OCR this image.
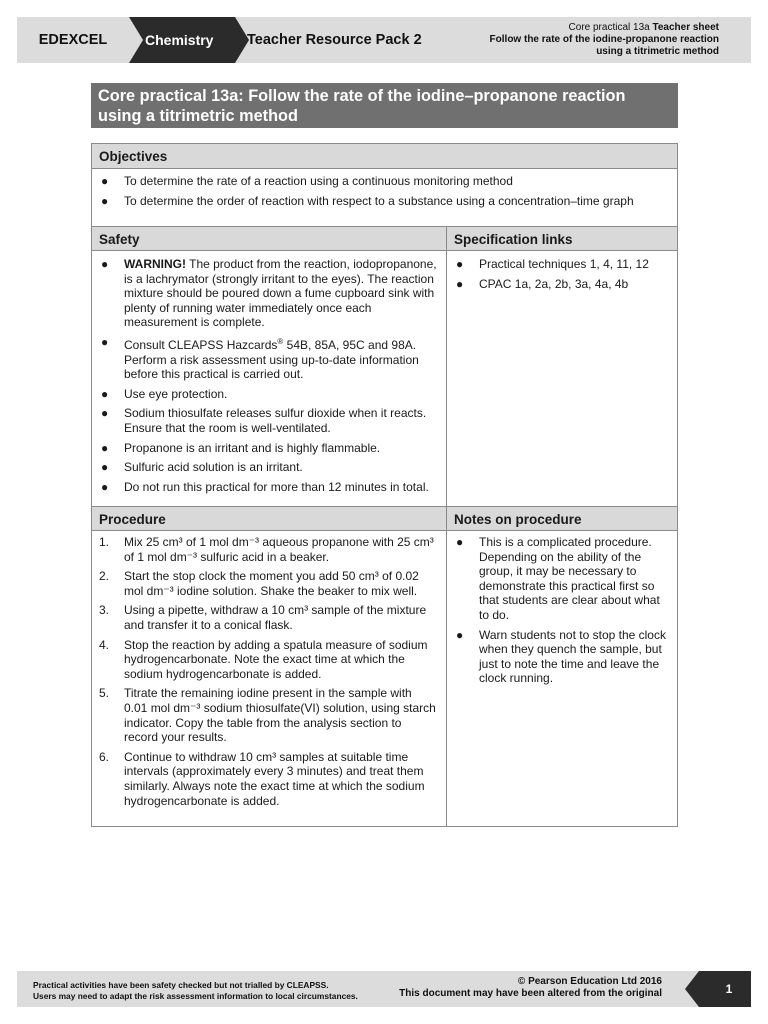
EDEXCEL	Chemistry Teacher Resource Pack 2
Core practical 13a Teacher sheet
Follow the rate of the iodine-propanone reaction
using a titrimetric method
Core practical 13a: Follow the rate of the iodine–propanone reaction using a titrimetric method
Objectives
● To determine the rate of a reaction using a continuous monitoring method
● To determine the order of reaction with respect to a substance using a concentration–time graph
Safety
● WARNING! The product from the reaction, iodopropanone, is a lachrymator (strongly irritant to the eyes). The reaction mixture should be poured down a fume cupboard sink with plenty of running water immediately once each measurement is complete.
● Consult CLEAPSS Hazcards® 54B, 85A, 95C and 98A. Perform a risk assessment using up-to-date information before this practical is carried out.
● Use eye protection.
● Sodium thiosulfate releases sulfur dioxide when it reacts. Ensure that the room is well-ventilated.
● Propanone is an irritant and is highly flammable.
● Sulfuric acid solution is an irritant.
● Do not run this practical for more than 12 minutes in total.
Specification links
● Practical techniques 1, 4, 11, 12
● CPAC 1a, 2a, 2b, 3a, 4a, 4b
Procedure
1. Mix 25 cm³ of 1 mol dm⁻³ aqueous propanone with 25 cm³ of 1 mol dm⁻³ sulfuric acid in a beaker.
2. Start the stop clock the moment you add 50 cm³ of 0.02 mol dm⁻³ iodine solution. Shake the beaker to mix well.
3. Using a pipette, withdraw a 10 cm³ sample of the mixture and transfer it to a conical flask.
4. Stop the reaction by adding a spatula measure of sodium hydrogencarbonate. Note the exact time at which the sodium hydrogencarbonate is added.
5. Titrate the remaining iodine present in the sample with 0.01 mol dm⁻³ sodium thiosulfate(VI) solution, using starch indicator. Copy the table from the analysis section to record your results.
6. Continue to withdraw 10 cm³ samples at suitable time intervals (approximately every 3 minutes) and treat them similarly. Always note the exact time at which the sodium hydrogencarbonate is added.
Notes on procedure
● This is a complicated procedure. Depending on the ability of the group, it may be necessary to demonstrate this practical first so that students are clear about what to do.
● Warn students not to stop the clock when they quench the sample, but just to note the time and leave the clock running.
Practical activities have been safety checked but not trialled by CLEAPSS.
Users may need to adapt the risk assessment information to local circumstances.
© Pearson Education Ltd 2016
This document may have been altered from the original	1
